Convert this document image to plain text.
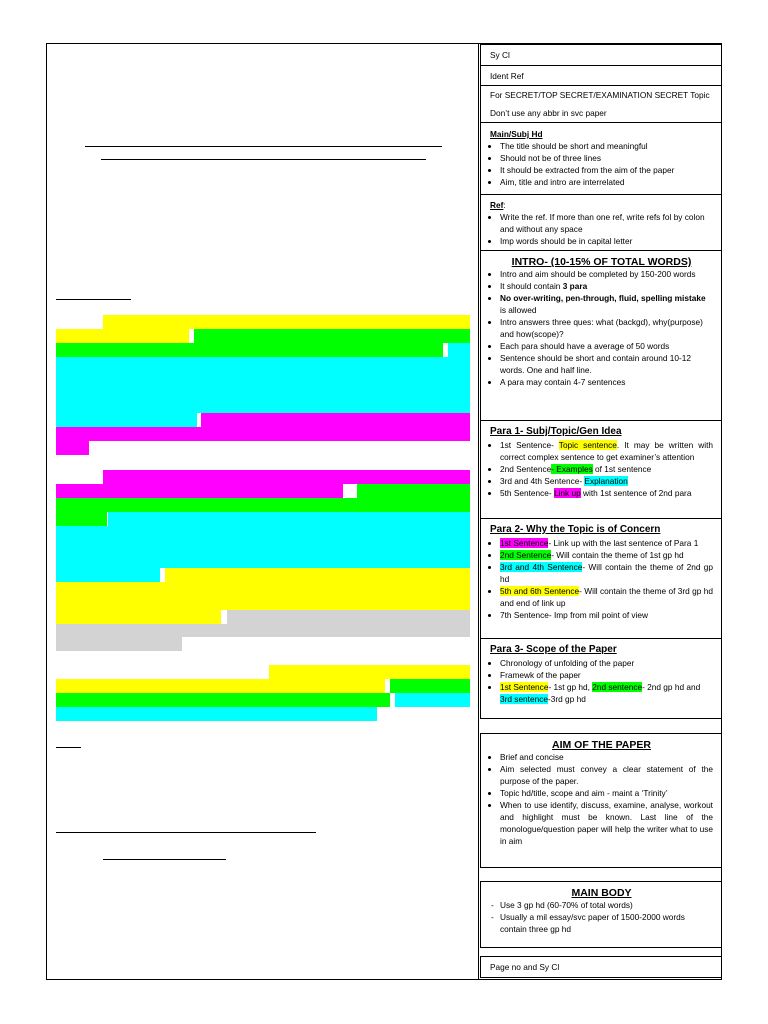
Sy Cl
Ident Ref
For SECRET/TOP SECRET/EXAMINATION SECRET Topic
Don’t use any abbr in svc paper
Main/Subj Hd
• The title should be short and meaningful
• Should not be of three lines
• It should be extracted from the aim of the paper
• Aim, title and intro are interrelated
Ref:
• Write the ref. If more than one ref, write refs fol by colon and without any space
• Imp words should be in capital letter
INTRO- (10-15% OF TOTAL WORDS)
• Intro and aim should be completed by 150-200 words
• It should contain 3 para
• No over-writing, pen-through, fluid, spelling mistake is allowed
• Intro answers three ques: what (backgd), why(purpose) and how(scope)?
• Each para should have a average of 50 words
• Sentence should be short and contain around 10-12 words. One and half line.
• A para may contain 4-7 sentences
Para 1- Subj/Topic/Gen Idea
• 1st Sentence- Topic sentence. It may be written with correct complex sentence to get examiner’s attention
• 2nd Sentence- Examples of 1st sentence
• 3rd and 4th Sentence- Explanation
• 5th Sentence- Link up with 1st sentence of 2nd para
Para 2- Why the Topic is of Concern
• 1st Sentence- Link up with the last sentence of Para 1
• 2nd Sentence- Will contain the theme of 1st gp hd
• 3rd and 4th Sentence- Will contain the theme of 2nd gp hd
• 5th and 6th Sentence- Will contain the theme of 3rd gp hd and end of link up
• 7th Sentence- Imp from mil point of view
Para 3- Scope of the Paper
• Chronology of unfolding of the paper
• Framewk of the paper
• 1st Sentence- 1st gp hd, 2nd sentence- 2nd gp hd and 3rd sentence-3rd gp hd
AIM OF THE PAPER
• Brief and concise
• Aim selected must convey a clear statement of the purpose of the paper.
• Topic hd/title, scope and aim - maint a ‘Trinity’
• When to use identify, discuss, examine, analyse, workout and highlight must be known. Last line of the monologue/question paper will help the writer what to use in aim
MAIN BODY
- Use 3 gp hd (60-70% of total words)
- Usually a mil essay/svc paper of 1500-2000 words contain three gp hd
Page no and Sy Cl
